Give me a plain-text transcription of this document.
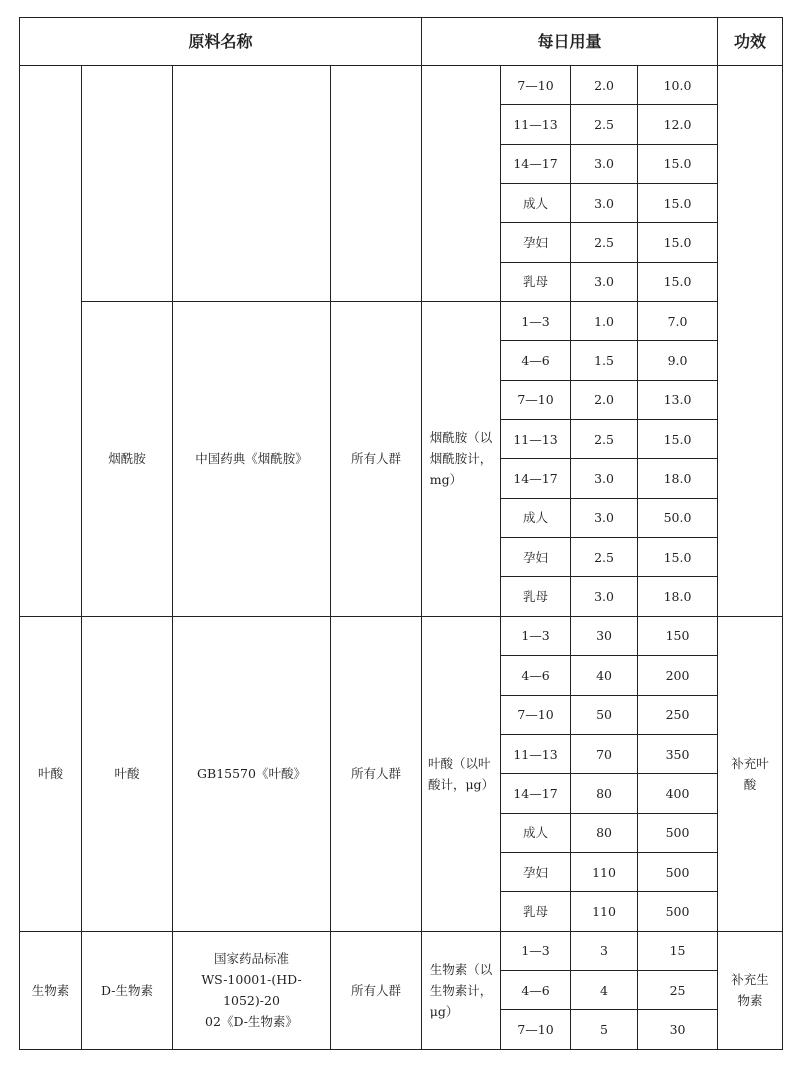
原料名称				每日用量				功效
					7—10	2.0	10.0	
					11—13	2.5	12.0	
					14—17	3.0	15.0	
					成人	3.0	15.0	
					孕妇	2.5	15.0	
					乳母	3.0	15.0	
	烟酰胺	中国药典《烟酰胺》	所有人群	烟酰胺（以
烟酰胺计，
mg）	1—3	1.0	7.0	
					4—6	1.5	9.0	
					7—10	2.0	13.0	
					11—13	2.5	15.0	
					14—17	3.0	18.0	
					成人	3.0	50.0	
					孕妇	2.5	15.0	
					乳母	3.0	18.0	
叶酸	叶酸	GB15570《叶酸》	所有人群	叶酸（以叶
酸计，μg）	1—3	30	150	补充叶
酸
					4—6	40	200	
					7—10	50	250	
					11—13	70	350	
					14—17	80	400	
					成人	80	500	
					孕妇	110	500	
					乳母	110	500	
生物素	D-生物素	国家药品标准
WS-10001-(HD-1052)-20
02《D-生物素》	所有人群	生物素（以
生物素计，
μg）	1—3	3	15	补充生
物素
					4—6	4	25	
					7—10	5	30	
